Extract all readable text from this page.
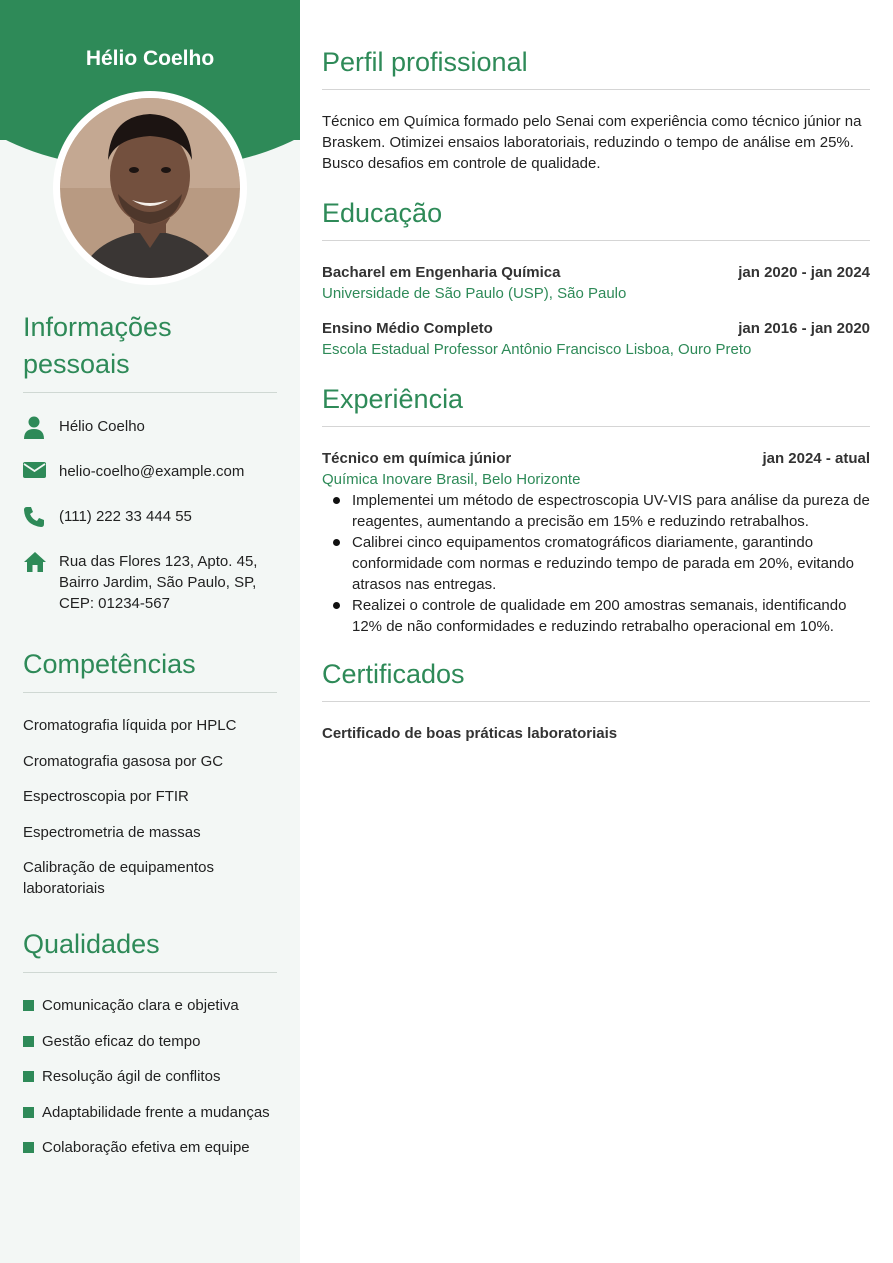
Hélio Coelho
Informações pessoais
Hélio Coelho
helio-coelho@example.com
(111) 222 33 444 55
Rua das Flores 123, Apto. 45, Bairro Jardim, São Paulo, SP, CEP: 01234-567
Competências
Cromatografia líquida por HPLC
Cromatografia gasosa por GC
Espectroscopia por FTIR
Espectrometria de massas
Calibração de equipamentos laboratoriais
Qualidades
Comunicação clara e objetiva
Gestão eficaz do tempo
Resolução ágil de conflitos
Adaptabilidade frente a mudanças
Colaboração efetiva em equipe
Perfil profissional
Técnico em Química formado pelo Senai com experiência como técnico júnior na Braskem. Otimizei ensaios laboratoriais, reduzindo o tempo de análise em 25%. Busco desafios em controle de qualidade.
Educação
Bacharel em Engenharia Química	jan 2020 - jan 2024
Universidade de São Paulo (USP), São Paulo
Ensino Médio Completo	jan 2016 - jan 2020
Escola Estadual Professor Antônio Francisco Lisboa, Ouro Preto
Experiência
Técnico em química júnior	jan 2024 - atual
Química Inovare Brasil, Belo Horizonte
Implementei um método de espectroscopia UV-VIS para análise da pureza de reagentes, aumentando a precisão em 15% e reduzindo retrabalhos.
Calibrei cinco equipamentos cromatográficos diariamente, garantindo conformidade com normas e reduzindo tempo de parada em 20%, evitando atrasos nas entregas.
Realizei o controle de qualidade em 200 amostras semanais, identificando 12% de não conformidades e reduzindo retrabalho operacional em 10%.
Certificados
Certificado de boas práticas laboratoriais
